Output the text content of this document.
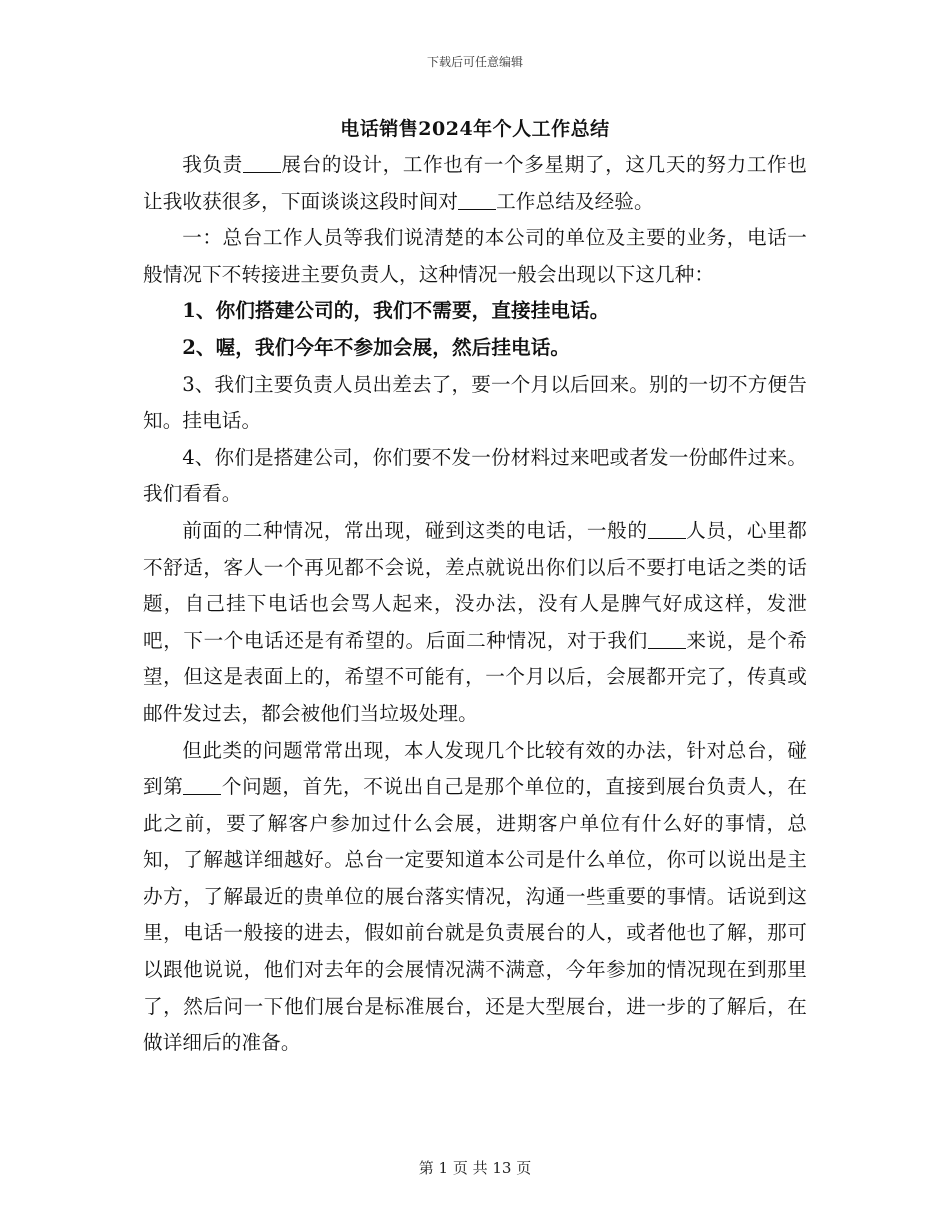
下载后可任意编辑
电话销售2024年个人工作总结

我负责 展台的设计，工作也有一个多星期了，这几天的努力工作也让我收获很多，下面谈谈这段时间对 工作总结及经验。

一：总台工作人员等我们说清楚的本公司的单位及主要的业务，电话一般情况下不转接进主要负责人，这种情况一般会出现以下这几种：

1、你们搭建公司的，我们不需要，直接挂电话。

2、喔，我们今年不参加会展，然后挂电话。

3、我们主要负责人员出差去了，要一个月以后回来。别的一切不方便告知。挂电话。

4、你们是搭建公司，你们要不发一份材料过来吧或者发一份邮件过来。我们看看。

前面的二种情况，常出现，碰到这类的电话，一般的 人员，心里都不舒适，客人一个再见都不会说，差点就说出你们以后不要打电话之类的话题，自己挂下电话也会骂人起来，没办法，没有人是脾气好成这样，发泄吧，下一个电话还是有希望的。后面二种情况，对于我们 来说，是个希望，但这是表面上的，希望不可能有，一个月以后，会展都开完了，传真或邮件发过去，都会被他们当垃圾处理。

但此类的问题常常出现，本人发现几个比较有效的办法，针对总台，碰到第 个问题，首先，不说出自己是那个单位的，直接到展台负责人，在此之前，要了解客户参加过什么会展，进期客户单位有什么好的事情，总知，了解越详细越好。总台一定要知道本公司是什么单位，你可以说出是主办方，了解最近的贵单位的展台落实情况，沟通一些重要的事情。话说到这里，电话一般接的进去，假如前台就是负责展台的人，或者他也了解，那可以跟他说说，他们对去年的会展情况满不满意，今年参加的情况现在到那里了，然后问一下他们展台是标准展台，还是大型展台，进一步的了解后，在做详细后的准备。

第 1 页 共 13 页
